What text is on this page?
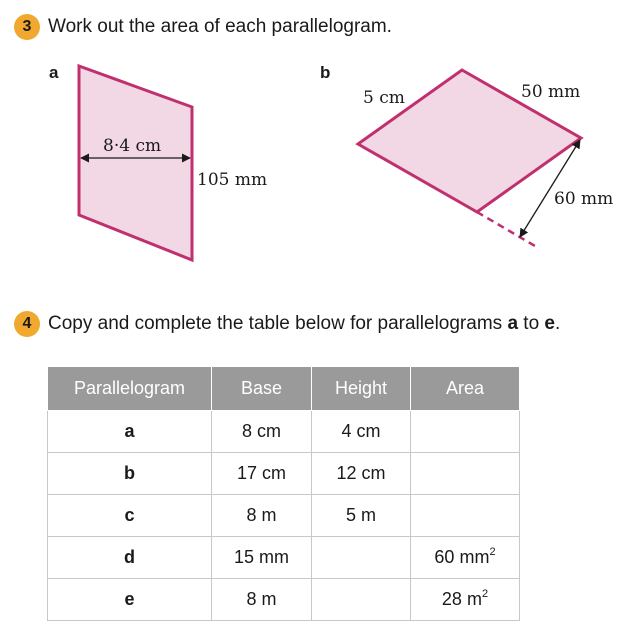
3 Work out the area of each parallelogram.
a	b
8·4 cm
105 mm
5 cm	50 mm
60 mm
4 Copy and complete the table below for parallelograms a to e.
Parallelogram	Base	Height	Area
a	8 cm	4 cm	
b	17 cm	12 cm	
c	8 m	5 m	
d	15 mm		60 $mm^2$
e	8 m		28 $m^2$
